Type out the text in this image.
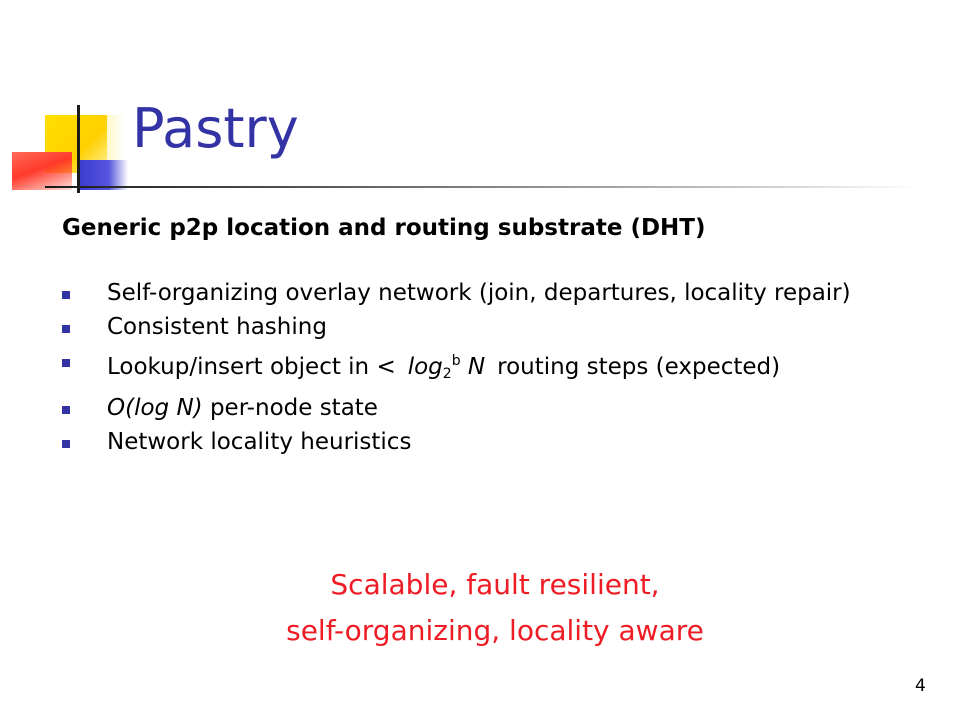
Pastry
Generic p2p location and routing substrate (DHT)
Self-organizing overlay network (join, departures, locality repair)
Consistent hashing
Lookup/insert object in < $\log_2^b N$ routing steps (expected)
O(log N) per-node state
Network locality heuristics
Scalable, fault resilient,
self-organizing, locality aware
4
